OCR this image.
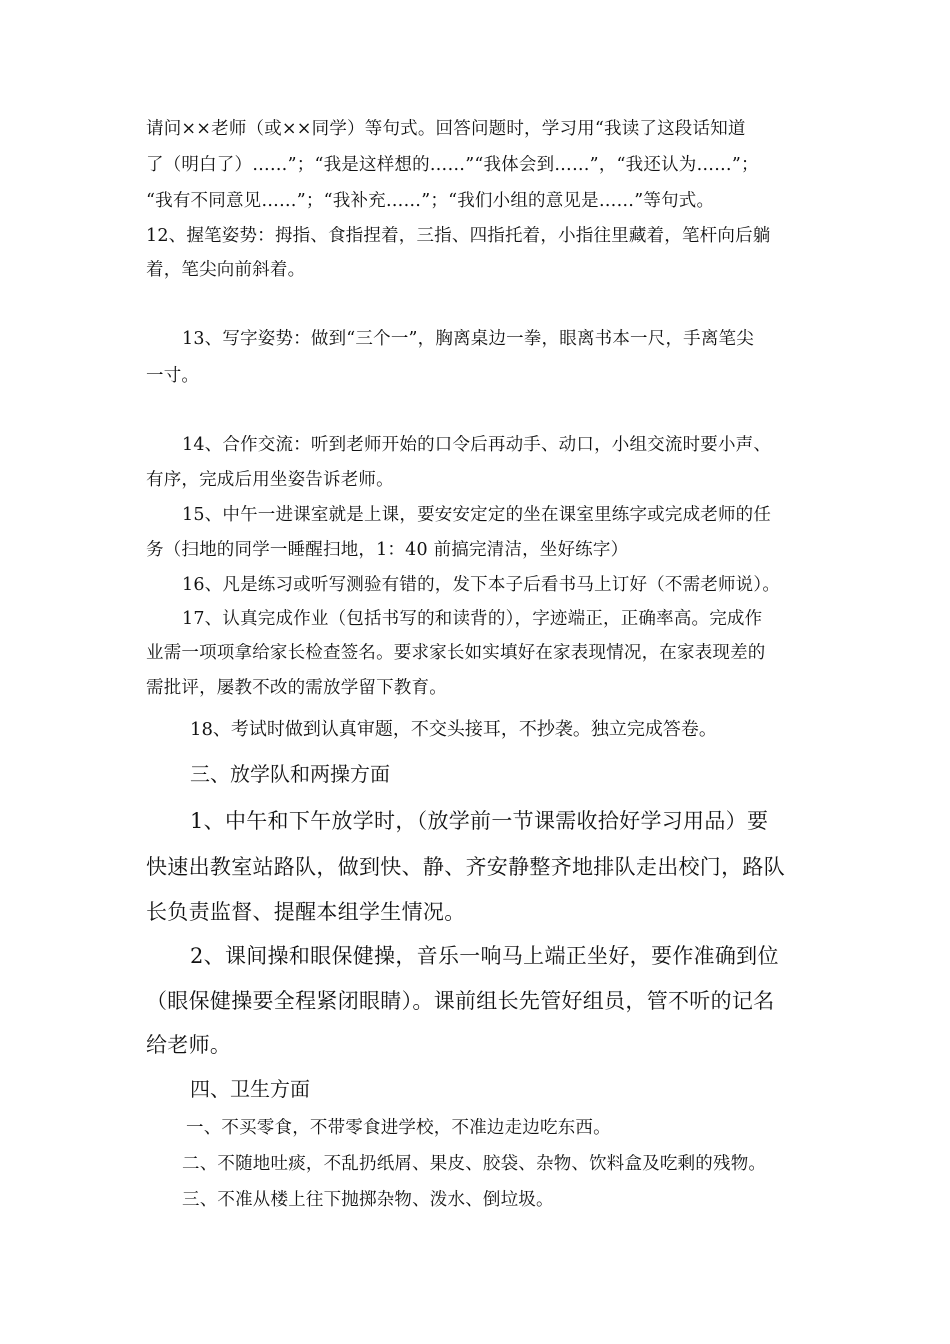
请问××老师（或××同学）等句式。回答问题时，学习用“我读了这段话知道

了（明白了）……”；“我是这样想的……”“我体会到……”，“我还认为……”；

“我有不同意见……”；“我补充……”；“我们小组的意见是……”等句式。

12、握笔姿势：拇指、食指捏着，三指、四指托着，小指往里藏着，笔杆向后躺

着，笔尖向前斜着。

13、写字姿势：做到“三个一”，胸离桌边一拳，眼离书本一尺，手离笔尖

一寸。

14、合作交流：听到老师开始的口令后再动手、动口，小组交流时要小声、

有序，完成后用坐姿告诉老师。

15、中午一进课室就是上课，要安安定定的坐在课室里练字或完成老师的任

务（扫地的同学一睡醒扫地，1：40 前搞完清洁，坐好练字）

16、凡是练习或听写测验有错的，发下本子后看书马上订好（不需老师说）。

17、认真完成作业（包括书写的和读背的），字迹端正，正确率高。完成作

业需一项项拿给家长检查签名。要求家长如实填好在家表现情况，在家表现差的

需批评，屡教不改的需放学留下教育。

18、考试时做到认真审题，不交头接耳，不抄袭。独立完成答卷。

三、放学队和两操方面

1、中午和下午放学时，（放学前一节课需收拾好学习用品）要

快速出教室站路队，做到快、静、齐安静整齐地排队走出校门，路队

长负责监督、提醒本组学生情况。

2、课间操和眼保健操，音乐一响马上端正坐好，要作准确到位

（眼保健操要全程紧闭眼睛）。课前组长先管好组员，管不听的记名

给老师。

四、卫生方面

一、不买零食，不带零食进学校，不准边走边吃东西。

二、不随地吐痰，不乱扔纸屑、果皮、胶袋、杂物、饮料盒及吃剩的残物。

三、不准从楼上往下抛掷杂物、泼水、倒垃圾。
